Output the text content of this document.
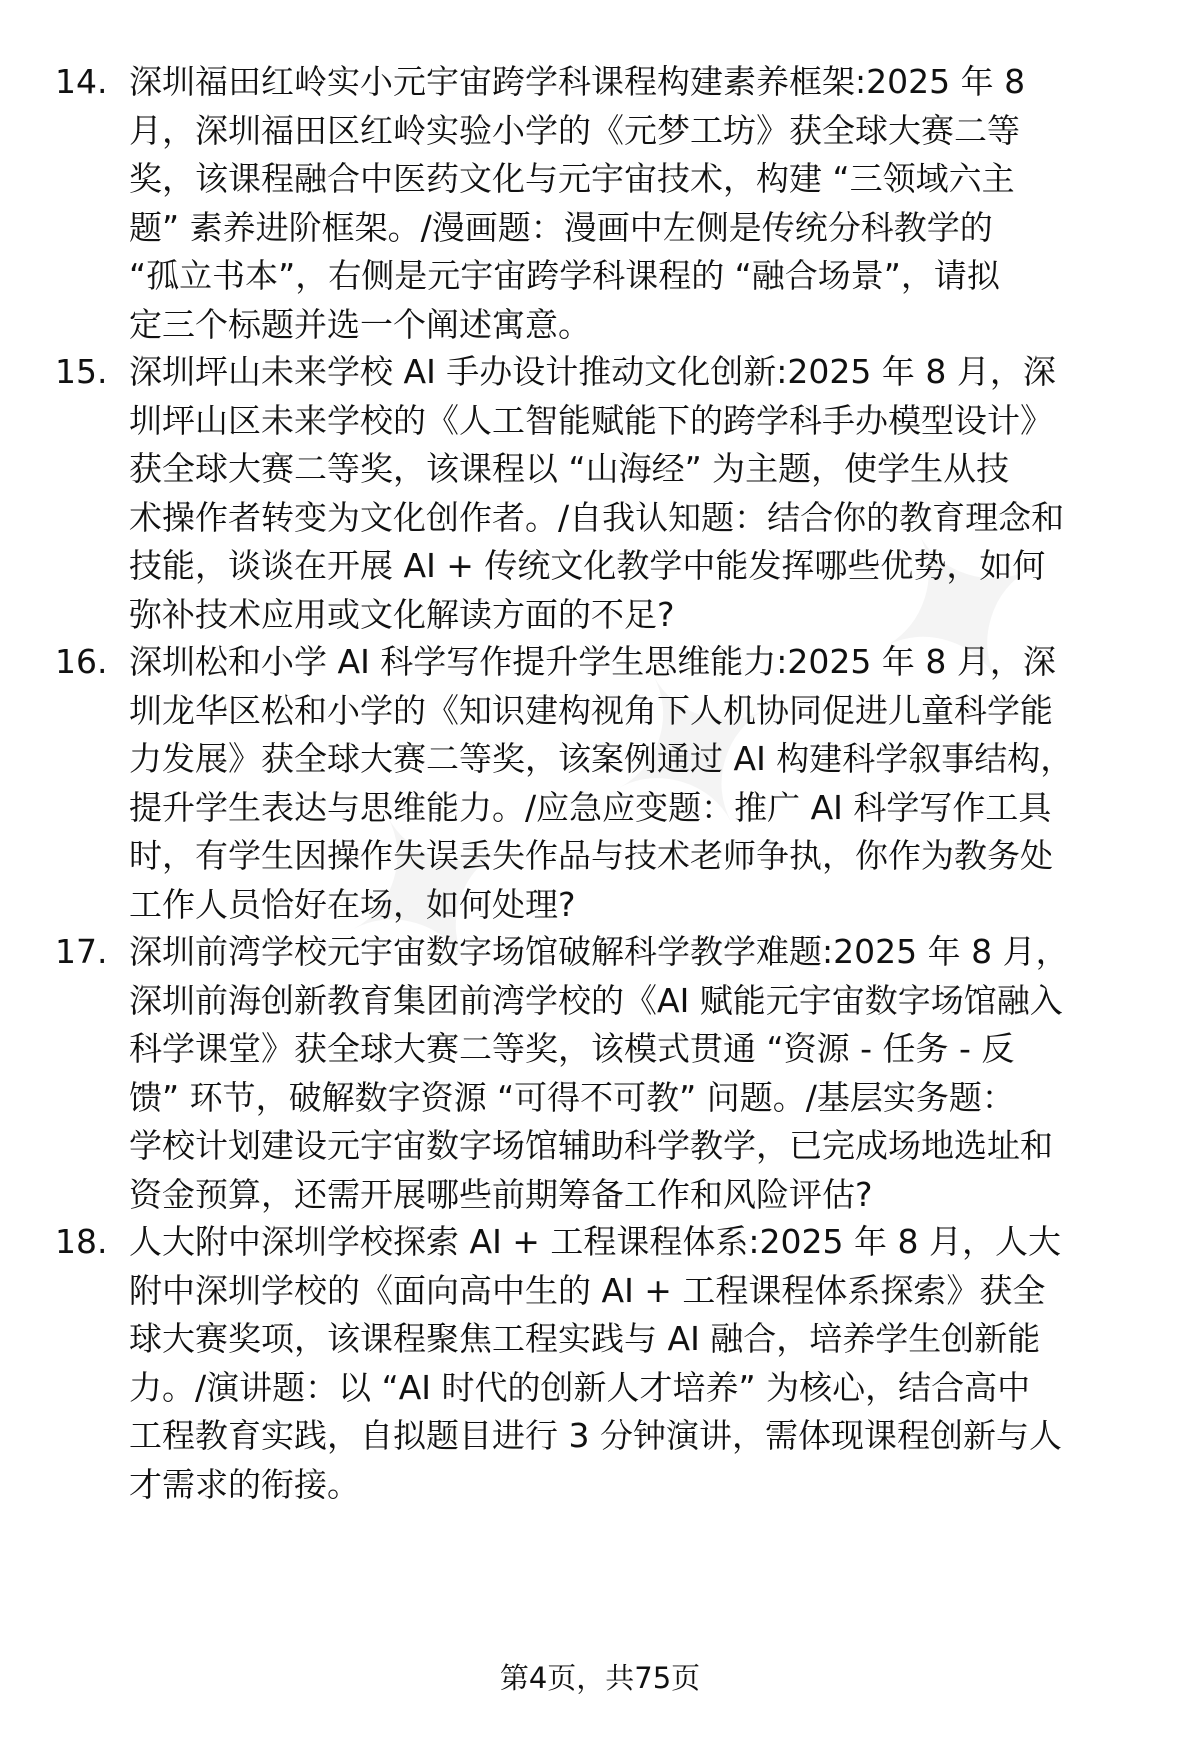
14. 深圳福田红岭实小元宇宙跨学科课程构建素养框架:2025 年 8
月，深圳福田区红岭实验小学的《元梦工坊》获全球大赛二等
奖，该课程融合中医药文化与元宇宙技术，构建 “三领域六主
题” 素养进阶框架。/漫画题：漫画中左侧是传统分科教学的
“孤立书本”，右侧是元宇宙跨学科课程的 “融合场景”，请拟
定三个标题并选一个阐述寓意。
15. 深圳坪山未来学校 AI 手办设计推动文化创新:2025 年 8 月，深
圳坪山区未来学校的《人工智能赋能下的跨学科手办模型设计》
获全球大赛二等奖，该课程以 “山海经” 为主题，使学生从技
术操作者转变为文化创作者。/自我认知题：结合你的教育理念和
技能，谈谈在开展 AI + 传统文化教学中能发挥哪些优势，如何
弥补技术应用或文化解读方面的不足?
16. 深圳松和小学 AI 科学写作提升学生思维能力:2025 年 8 月，深
圳龙华区松和小学的《知识建构视角下人机协同促进儿童科学能
力发展》获全球大赛二等奖，该案例通过 AI 构建科学叙事结构，
提升学生表达与思维能力。/应急应变题：推广 AI 科学写作工具
时，有学生因操作失误丢失作品与技术老师争执，你作为教务处
工作人员恰好在场，如何处理?
17. 深圳前湾学校元宇宙数字场馆破解科学教学难题:2025 年 8 月，
深圳前海创新教育集团前湾学校的《AI 赋能元宇宙数字场馆融入
科学课堂》获全球大赛二等奖，该模式贯通 “资源 - 任务 - 反
馈” 环节，破解数字资源 “可得不可教” 问题。/基层实务题：
学校计划建设元宇宙数字场馆辅助科学教学，已完成场地选址和
资金预算，还需开展哪些前期筹备工作和风险评估?
18. 人大附中深圳学校探索 AI + 工程课程体系:2025 年 8 月，人大
附中深圳学校的《面向高中生的 AI + 工程课程体系探索》获全
球大赛奖项，该课程聚焦工程实践与 AI 融合，培养学生创新能
力。/演讲题：以 “AI 时代的创新人才培养” 为核心，结合高中
工程教育实践，自拟题目进行 3 分钟演讲，需体现课程创新与人
才需求的衔接。
第4页，共75页
